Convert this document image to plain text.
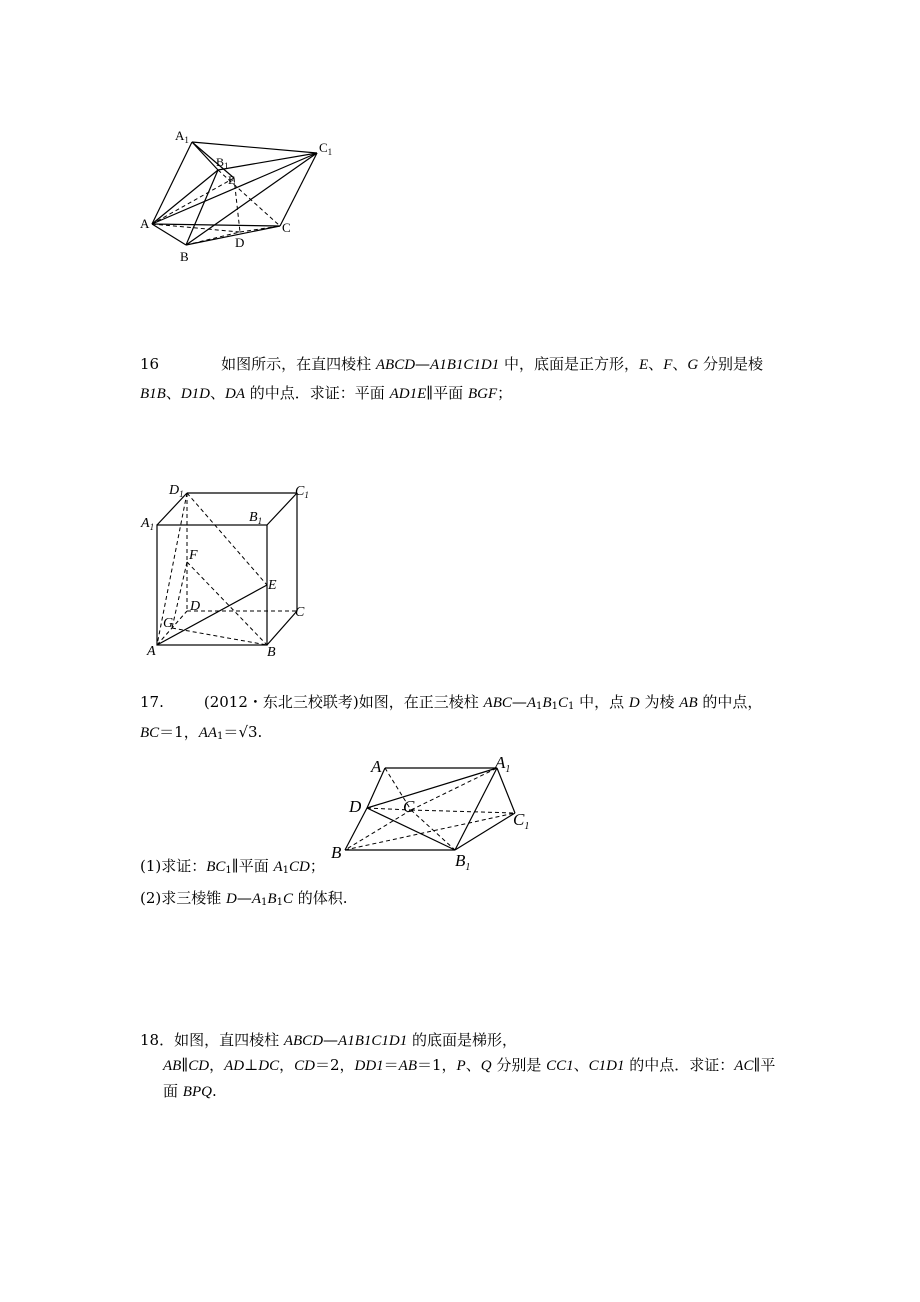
$A_1$
$B_1$
$C_1$
E
A	C
D
B
16	如图所示，在直四棱柱 ABCD—A1B1C1D1 中，底面是正方形，E、F、G 分别是棱
B1B、D1D、DA 的中点．求证：平面 AD1E∥平面 BGF；
$D_1$	$C_1$
$A_1$
$B_1$
F
E
D	C
G
A	B
17.	(2012・东北三校联考)如图，在正三棱柱 $ABC—A_1B_1C_1$ 中，点 D 为棱 AB 的中点，
BC＝1，$AA_1=√3$.
A	$A_1$
D C
$C_1$
B	$B_1$
(1)求证：$BC_1\parallel$平面 $A_1CD$；
(2)求三棱锥 $D—A_1B_1C$ 的体积.
18．如图，直四棱柱 ABCD—A1B1C1D1 的底面是梯形，
AB∥CD，AD⊥DC，CD＝2，DD1＝AB＝1，P、Q 分别是 CC1、C1D1 的中点．求证：AC∥平
面 BPQ.
